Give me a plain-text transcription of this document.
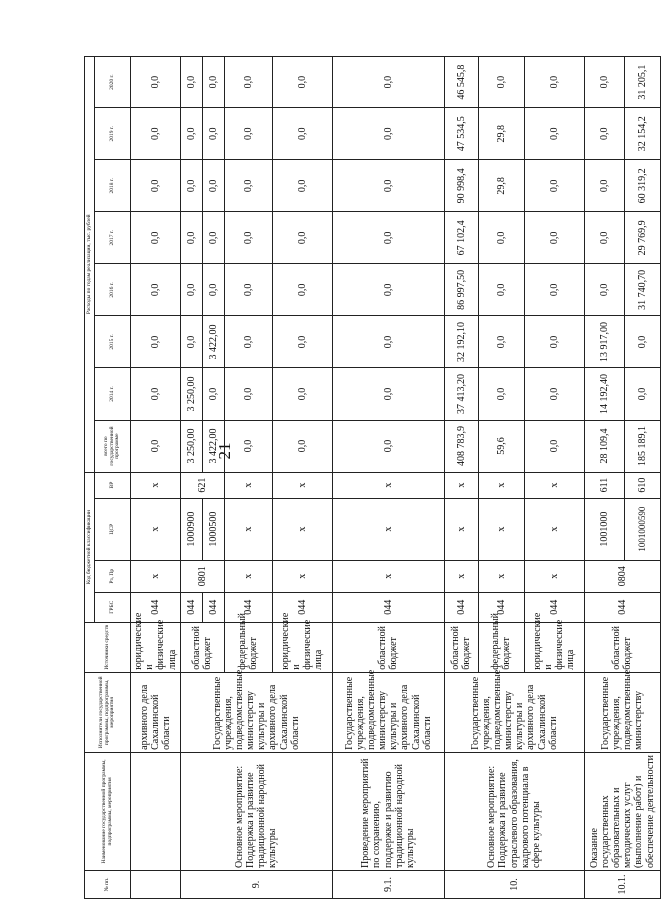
21
№ пп.	Наименование государственной программы, подпрограммы, мероприятия	Исполнители государственной программы, подпрограммы, мероприятия	Источники средств	Код бюджетной классификации				Расходы по годам реализации, тыс. рублей							
				ГРБС	Рз, Пр	ЦСР	ВР	всего по государственной программе	2014 г.	2015 г.	2016 г.	2017 г.	2018 г.	2019 г.	2020 г.
		архивного дела Сахалинской области	юридические и физические лица	044	х	х	х	0,0	0,0	0,0	0,0	0,0	0,0	0,0	0,0
9.	Основное мероприятие: Поддержка и развитие традиционной народной культуры	Государственные учреждения, подведомственные министерству культуры и архивного дела Сахалинской области	областной бюджет	044	0801	1000900	621	3 250,00	3 250,00	0,0	0,0	0,0	0,0	0,0	0,0
				044		1000500		3 422,00	0,0	3 422,00	0,0	0,0	0,0	0,0	0,0
			федеральный бюджет	044	х	х	х	0,0	0,0	0,0	0,0	0,0	0,0	0,0	0,0
			юридические и физические лица	044	х	х	х	0,0	0,0	0,0	0,0	0,0	0,0	0,0	0,0
9.1.	Проведение мероприятий по сохранению, поддержке и развитию традиционной народной культуры	Государственные учреждения, подведомственные министерству культуры и архивного дела Сахалинской области	областной бюджет	044	х	х	х	0,0	0,0	0,0	0,0	0,0	0,0	0,0	0,0
10.	Основное мероприятие: Поддержка и развитие отраслевого образования, кадрового потенциала в сфере культуры	Государственные учреждения, подведомственные министерству культуры и архивного дела Сахалинской области	областной бюджет	044	х	х	х	408 783,9	37 413,20	32 192,10	86 997,50	67 102,4	90 998,4	47 534,5	46 545,8
			федеральный бюджет	044	х	х	х	59,6	0,0	0,0	0,0	0,0	29,8	29,8	0,0
			юридические и физические лица	044	х	х	х	0,0	0,0	0,0	0,0	0,0	0,0	0,0	0,0
10.1.	Оказание государственных образовательных и методических услуг (выполнение работ) и обеспечение деятельности	Государственные учреждения, подведомственные министерству	областной бюджет	044	0804	1001000	611	28 109,4	14 192,40	13 917,00	0,0	0,0	0,0	0,0	0,0
						1001000590	610	185 189,1	0,0	0,0	31 740,70	29 769,9	60 319,2	32 154,2	31 205,1
